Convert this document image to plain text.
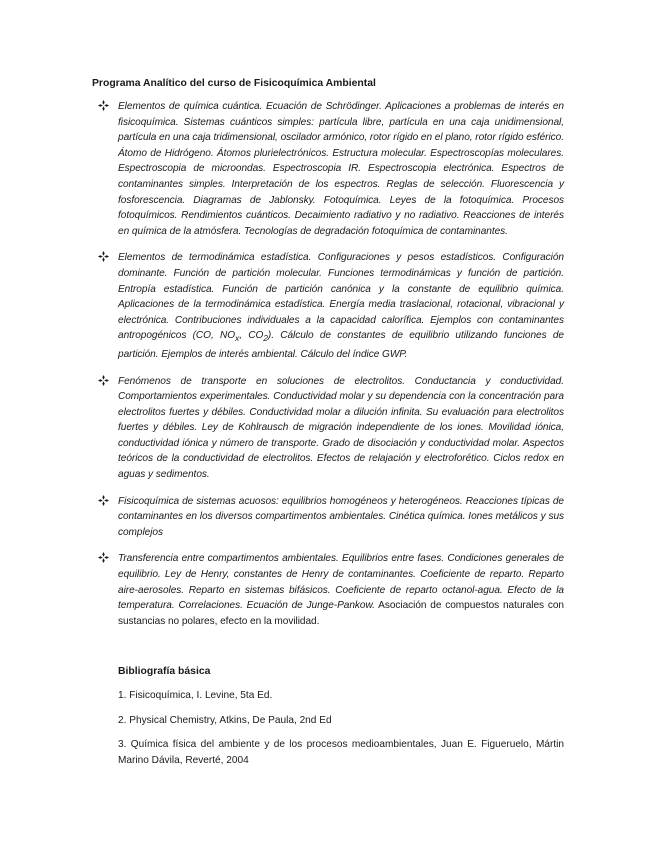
Programa Analítico del curso de Fisicoquímica Ambiental
Elementos de química cuántica. Ecuación de Schrödinger. Aplicaciones a problemas de interés en fisicoquímica. Sistemas cuánticos simples: partícula libre, partícula en una caja unidimensional, partícula en una caja tridimensional, oscilador armónico, rotor rígido en el plano, rotor rígido esférico. Átomo de Hidrógeno. Átomos plurielectrónicos. Estructura molecular. Espectroscopías moleculares. Espectroscopia de microondas. Espectroscopia IR. Espectroscopia electrónica. Espectros de contaminantes simples. Interpretación de los espectros. Reglas de selección. Fluorescencia y fosforescencia. Diagramas de Jablonsky. Fotoquímica. Leyes de la fotoquímica. Procesos fotoquímicos. Rendimientos cuánticos. Decaimiento radiativo y no radiativo. Reacciones de interés en química de la atmósfera. Tecnologías de degradación fotoquímica de contaminantes.
Elementos de termodinámica estadística. Configuraciones y pesos estadísticos. Configuración dominante. Función de partición molecular. Funciones termodinámicas y función de partición. Entropía estadística. Función de partición canónica y la constante de equilibrio química. Aplicaciones de la termodinámica estadística. Energía media traslacional, rotacional, vibracional y electrónica. Contribuciones individuales a la capacidad calorífica. Ejemplos con contaminantes antropogénicos (CO, $NO_x$, $CO_2$). Cálculo de constantes de equilibrio utilizando funciones de partición. Ejemplos de interés ambiental. Cálculo del índice GWP.
Fenómenos de transporte en soluciones de electrolitos. Conductancia y conductividad. Comportamientos experimentales. Conductividad molar y su dependencia con la concentración para electrolitos fuertes y débiles. Conductividad molar a dilución infinita. Su evaluación para electrolitos fuertes y débiles. Ley de Kohlrausch de migración independiente de los iones. Movilidad iónica, conductividad iónica y número de transporte. Grado de disociación y conductividad molar. Aspectos teóricos de la conductividad de electrolitos. Efectos de relajación y electroforético. Ciclos redox en aguas y sedimentos.
Fisicoquímica de sistemas acuosos: equilibrios homogéneos y heterogéneos. Reacciones típicas de contaminantes en los diversos compartimentos ambientales. Cinética química. Iones metálicos y sus complejos
Transferencia entre compartimentos ambientales. Equilibrios entre fases. Condiciones generales de equilibrio. Ley de Henry, constantes de Henry de contaminantes. Coeficiente de reparto. Reparto aire-aerosoles. Reparto en sistemas bifásicos. Coeficiente de reparto octanol-agua. Efecto de la temperatura. Correlaciones. Ecuación de Junge-Pankow. Asociación de compuestos naturales con sustancias no polares, efecto en la movilidad.
Bibliografía básica
1. Fisicoquímica, I. Levine, 5ta Ed.
2. Physical Chemistry, Atkins, De Paula, 2nd Ed
3. Química física del ambiente y de los procesos medioambientales, Juan E. Figueruelo, Mártin Marino Dávila, Reverté, 2004
